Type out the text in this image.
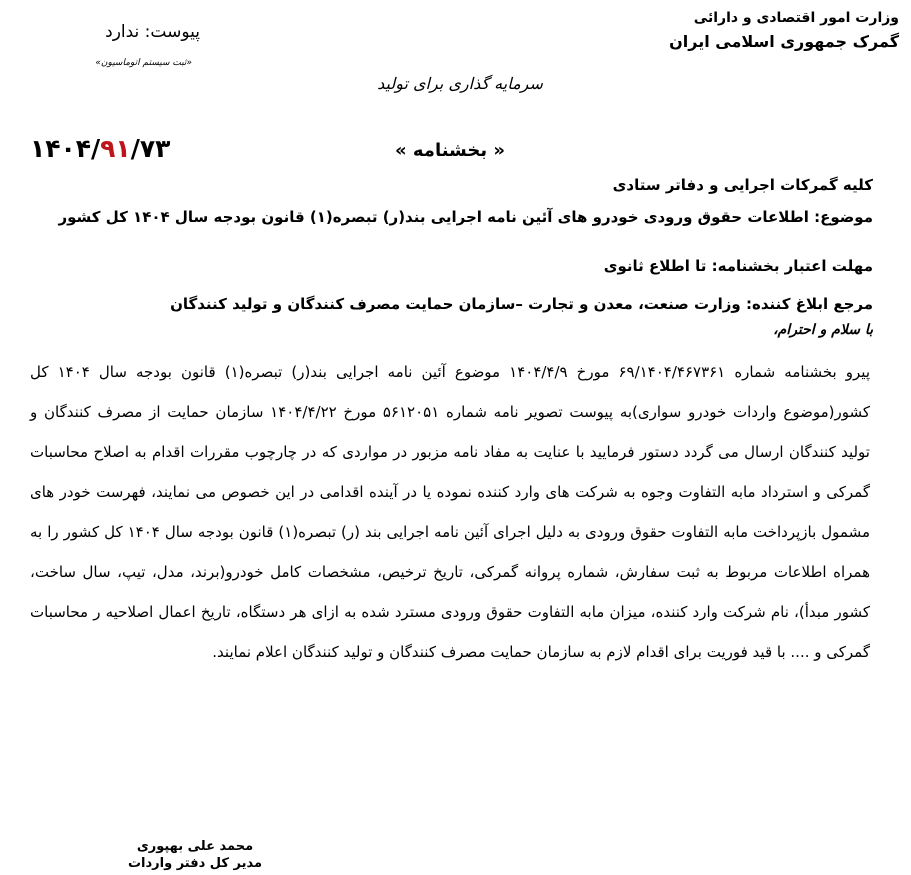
وزارت امور اقتصادی و دارائی
گمرک جمهوری اسلامی ایران
پیوست: ندارد
«ثبت سیستم اتوماسیون»
سرمایه گذاری برای تولید
« بخشنامه »
۱۴۰۴/۹۱/۷۳
کلیه گمرکات اجرایی و دفاتر ستادی
موضوع: اطلاعات حقوق ورودی خودرو های آئین نامه اجرایی بند(ر) تبصره(۱) قانون بودجه سال ۱۴۰۴ کل کشور
مهلت اعتبار بخشنامه: تا اطلاع ثانوی
مرجع ابلاغ کننده: وزارت صنعت، معدن و تجارت –سازمان حمایت مصرف کنندگان و تولید کنندگان
با سلام و احترام،
پیرو بخشنامه شماره ۶۹/۱۴۰۴/۴۶۷۳۶۱ مورخ ۱۴۰۴/۴/۹ موضوع آئین نامه اجرایی بند(ر) تبصره(۱) قانون بودجه سال ۱۴۰۴ کل کشور(موضوع واردات خودرو سواری)به پیوست تصویر نامه شماره ۵۶۱۲۰۵۱ مورخ ۱۴۰۴/۴/۲۲ سازمان حمایت از مصرف کنندگان و تولید کنندگان ارسال می گردد دستور فرمایید با عنایت به مفاد نامه مزبور در مواردی که در چارچوب مقررات اقدام به اصلاح محاسبات گمرکی و استرداد مابه التفاوت وجوه به شرکت های وارد کننده نموده یا در آینده اقدامی در این خصوص می نمایند، فهرست خودر های مشمول بازپرداخت مابه التفاوت حقوق ورودی به دلیل اجرای آئین نامه اجرایی بند (ر) تبصره(۱) قانون بودجه سال ۱۴۰۴ کل کشور را به همراه اطلاعات مربوط به ثبت سفارش، شماره پروانه گمرکی، تاریخ ترخیص، مشخصات کامل خودرو(برند، مدل، تیپ، سال ساخت، کشور مبدأ)، نام شرکت وارد کننده، میزان مابه التفاوت حقوق ورودی مسترد شده به ازای هر دستگاه، تاریخ اعمال اصلاحیه ر محاسبات گمرکی و .... با قید فوریت برای اقدام لازم به سازمان حمایت مصرف کنندگان و تولید کنندگان اعلام نمایند.
محمد علی بهپوری
مدیر کل دفتر واردات
